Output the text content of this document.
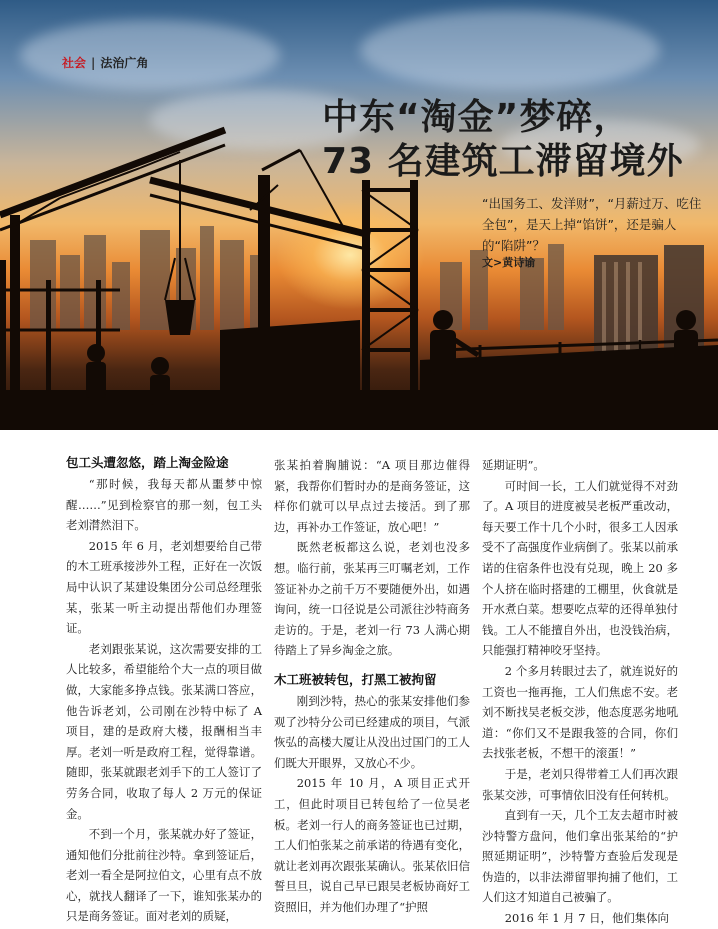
社会 | 法治广角
中东“淘金”梦碎，
73 名建筑工滞留境外
“出国务工、发洋财”，“月薪过万、吃住全包”，是天上掉“馅饼”，还是骗人的“陷阱”？
文>黄诗谕
包工头遭忽悠，踏上淘金险途

“那时候，我每天都从噩梦中惊醒……”见到检察官的那一刻，包工头老刘潸然泪下。

2015 年 6 月，老刘想要给自己带的木工班承接涉外工程，正好在一次饭局中认识了某建设集团分公司总经理张某，张某一听主动提出帮他们办理签证。

老刘跟张某说，这次需要安排的工人比较多，希望能给个大一点的项目做做，大家能多挣点钱。张某满口答应，他告诉老刘，公司刚在沙特中标了 A 项目，建的是政府大楼，报酬相当丰厚。老刘一听是政府工程，觉得靠谱。随即，张某就跟老刘手下的工人签订了劳务合同，收取了每人 2 万元的保证金。

不到一个月，张某就办好了签证，通知他们分批前往沙特。拿到签证后，老刘一看全是阿拉伯文，心里有点不放心，就找人翻译了一下，谁知张某办的只是商务签证。面对老刘的质疑，

张某拍着胸脯说：“A 项目那边催得紧，我帮你们暂时办的是商务签证，这样你们就可以早点过去接活。到了那边，再补办工作签证，放心吧！”

既然老板都这么说，老刘也没多想。临行前，张某再三叮嘱老刘，工作签证补办之前千万不要随便外出，如遇询问，统一口径说是公司派往沙特商务走访的。于是，老刘一行 73 人满心期待踏上了异乡淘金之旅。

木工班被转包，打黑工被拘留

刚到沙特，热心的张某安排他们参观了沙特分公司已经建成的项目，气派恢弘的高楼大厦让从没出过国门的工人们既大开眼界，又放心不少。

2015 年 10 月，A 项目正式开工，但此时项目已转包给了一位吴老板。老刘一行人的商务签证也已过期，工人们怕张某之前承诺的待遇有变化，就让老刘再次跟张某确认。张某依旧信誓旦旦，说自己早已跟吴老板协商好工资照旧，并为他们办理了“护照

延期证明”。

可时间一长，工人们就觉得不对劲了。A 项目的进度被吴老板严重改动，每天要工作十几个小时，很多工人因承受不了高强度作业病倒了。张某以前承诺的住宿条件也没有兑现，晚上 20 多个人挤在临时搭建的工棚里，伙食就是开水煮白菜。想要吃点荤的还得单独付钱。工人不能擅自外出，也没钱治病，只能强打精神咬牙坚持。

2 个多月转眼过去了，就连说好的工资也一拖再拖，工人们焦虑不安。老刘不断找吴老板交涉，他态度恶劣地吼道：“你们又不是跟我签的合同，你们去找张老板，不想干的滚蛋！”

于是，老刘只得带着工人们再次跟张某交涉，可事情依旧没有任何转机。

直到有一天，几个工友去超市时被沙特警方盘问，他们拿出张某给的“护照延期证明”，沙特警方查验后发现是伪造的，以非法滞留罪拘捕了他们，工人们这才知道自己被骗了。

2016 年 1 月 7 日，他们集体向
